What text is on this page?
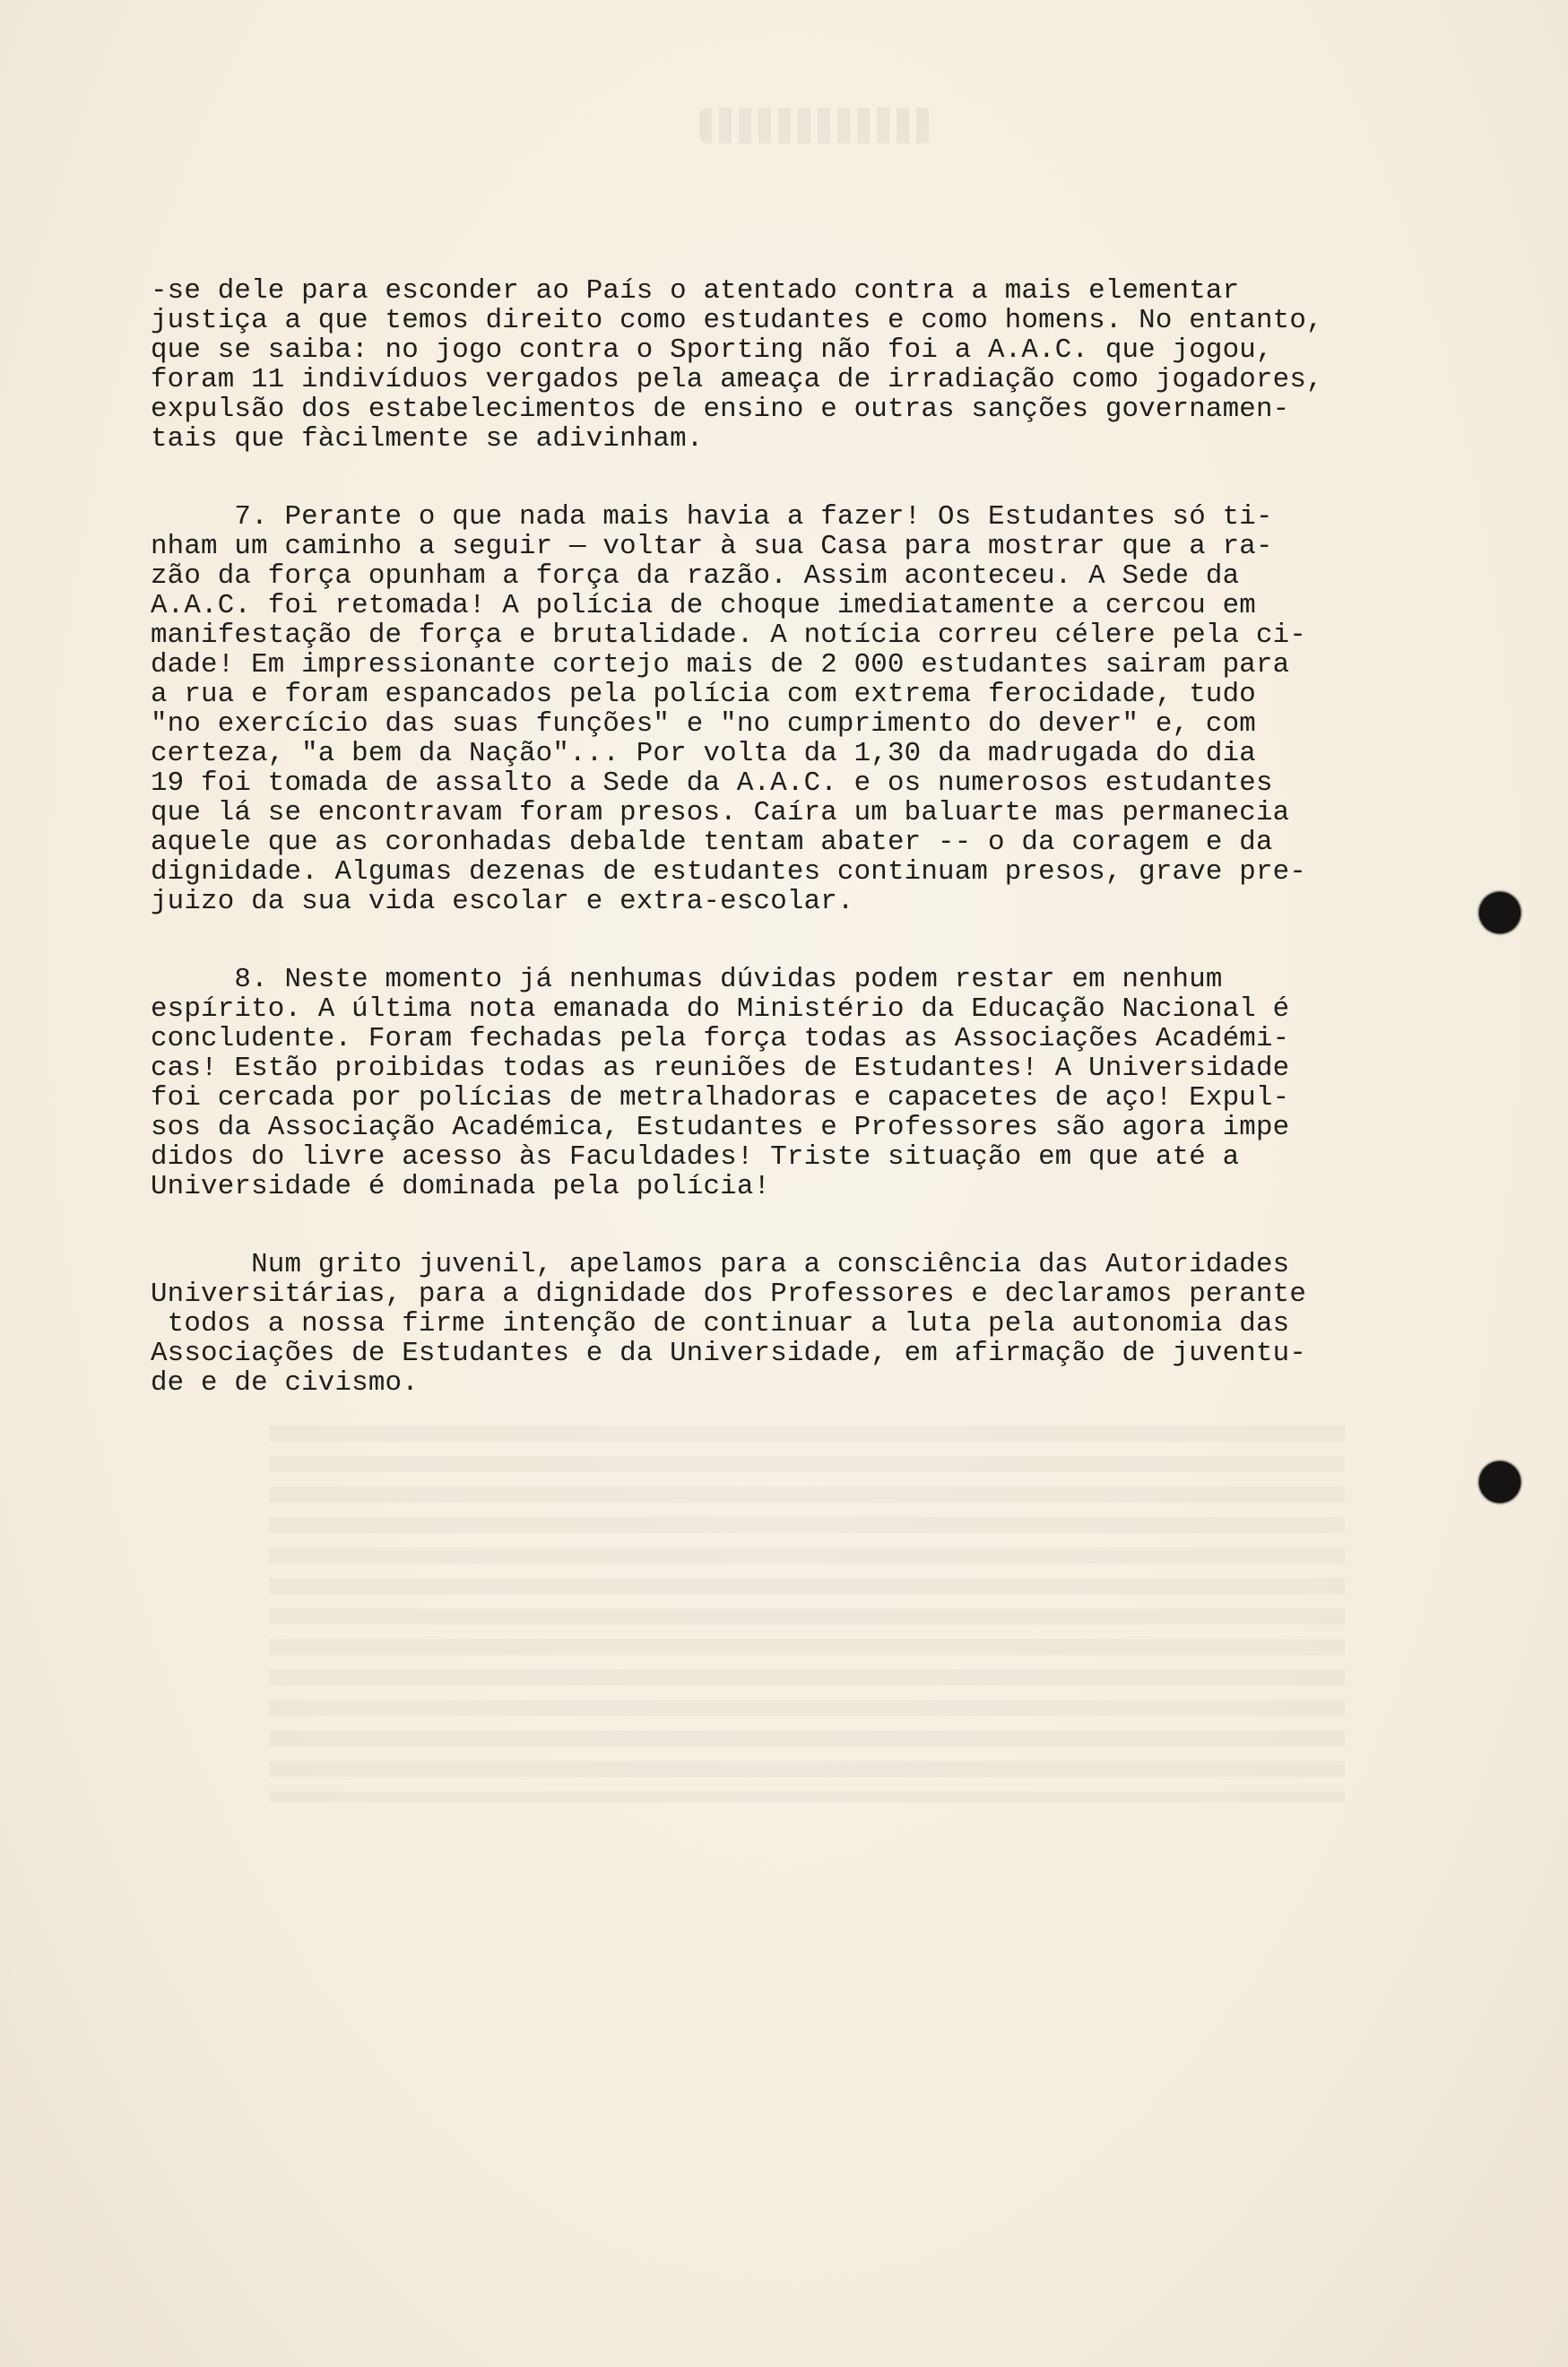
-se dele para esconder ao País o atentado contra a mais elementar
justiça a que temos direito como estudantes e como homens. No entanto,
que se saiba: no jogo contra o Sporting não foi a A.A.C. que jogou,
foram 11 indivíduos vergados pela ameaça de irradiação como jogadores,
expulsão dos estabelecimentos de ensino e outras sanções governamen-
tais que fàcilmente se adivinham.
7. Perante o que nada mais havia a fazer! Os Estudantes só ti-
nham um caminho a seguir — voltar à sua Casa para mostrar que a ra-
zão da força opunham a força da razão. Assim aconteceu. A Sede da
A.A.C. foi retomada! A polícia de choque imediatamente a cercou em
manifestação de força e brutalidade. A notícia correu célere pela ci-
dade! Em impressionante cortejo mais de 2 000 estudantes sairam para
a rua e foram espancados pela polícia com extrema ferocidade, tudo
"no exercício das suas funções" e "no cumprimento do dever" e, com
certeza, "a bem da Nação"... Por volta da 1,30 da madrugada do dia
19 foi tomada de assalto a Sede da A.A.C. e os numerosos estudantes
que lá se encontravam foram presos. Caíra um baluarte mas permanecia
aquele que as coronhadas debalde tentam abater -- o da coragem e da
dignidade. Algumas dezenas de estudantes continuam presos, grave pre-
juizo da sua vida escolar e extra-escolar.
8. Neste momento já nenhumas dúvidas podem restar em nenhum
espírito. A última nota emanada do Ministério da Educação Nacional é
concludente. Foram fechadas pela força todas as Associações Académi-
cas! Estão proibidas todas as reuniões de Estudantes! A Universidade
foi cercada por polícias de metralhadoras e capacetes de aço! Expul-
sos da Associação Académica, Estudantes e Professores são agora impe
didos do livre acesso às Faculdades! Triste situação em que até a
Universidade é dominada pela polícia!
Num grito juvenil, apelamos para a consciência das Autoridades
Universitárias, para a dignidade dos Professores e declaramos perante
todos a nossa firme intenção de continuar a luta pela autonomia das
Associações de Estudantes e da Universidade, em afirmação de juventu-
de e de civismo.
